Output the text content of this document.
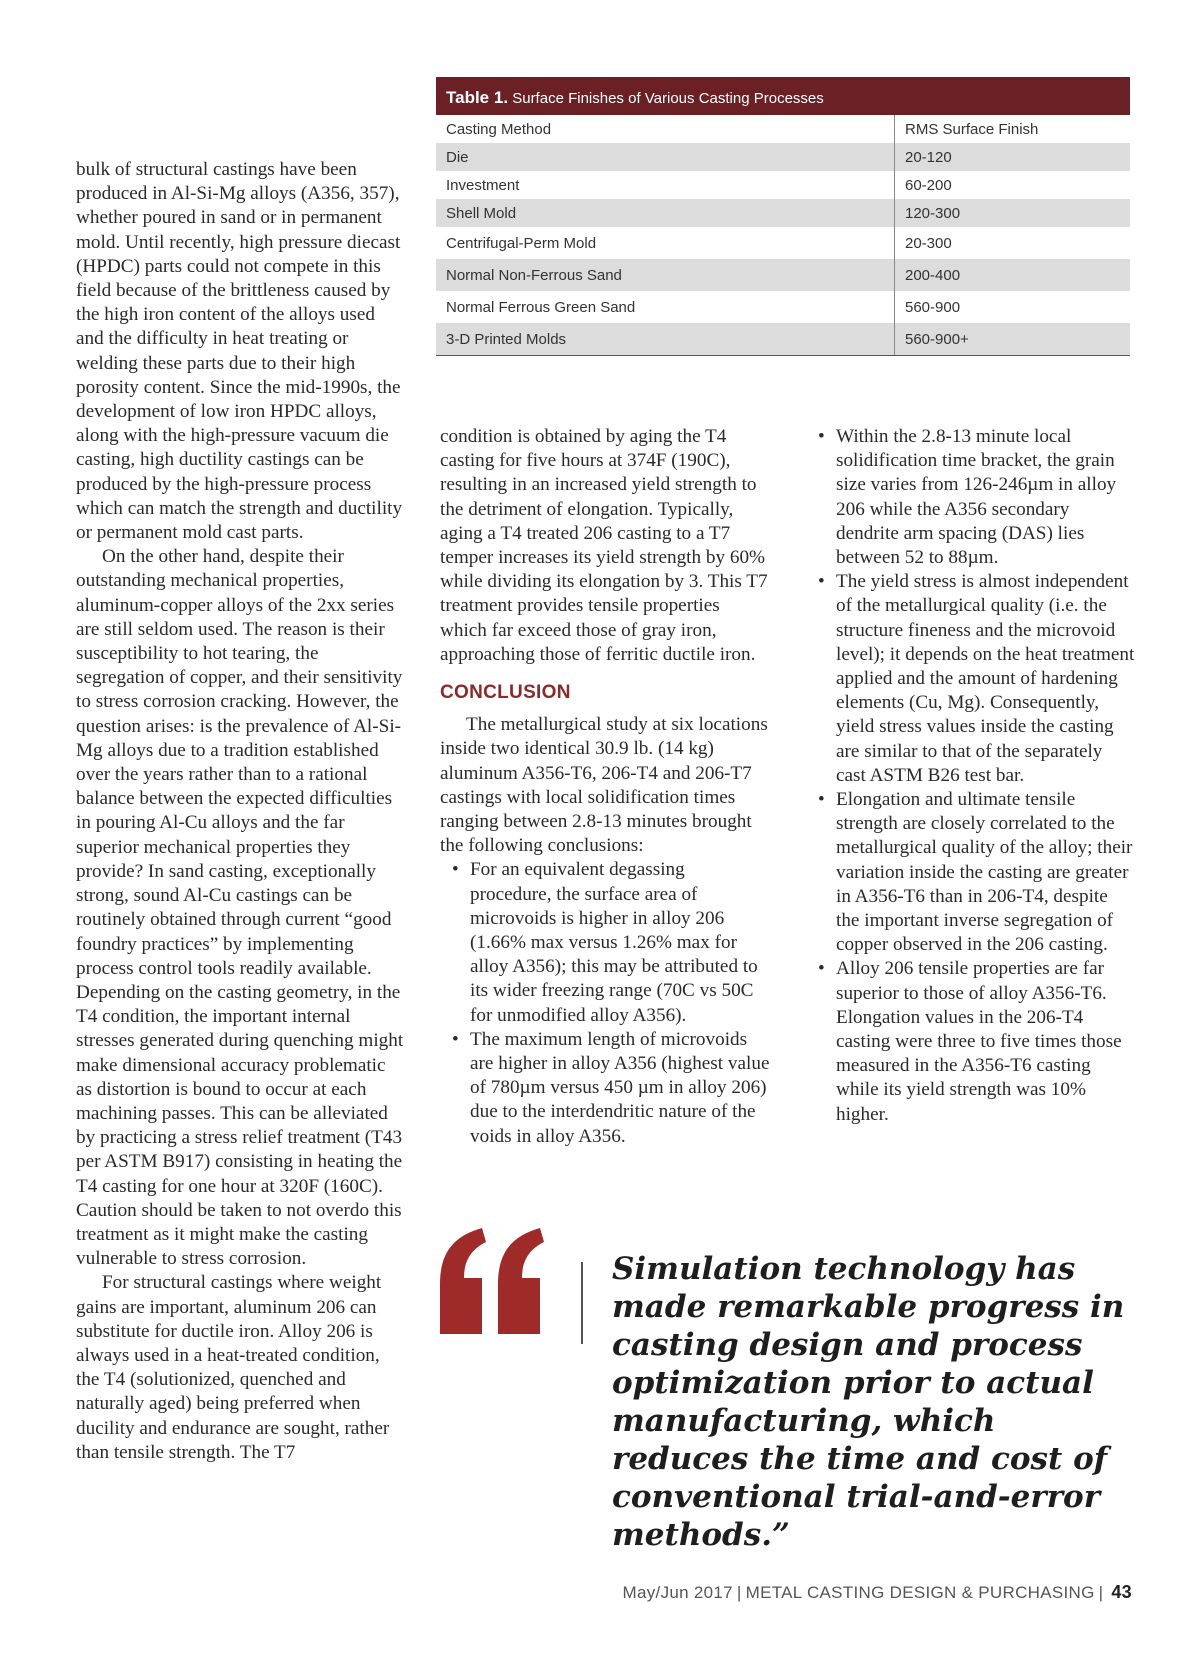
Table 1. Surface Finishes of Various Casting Processes
Casting Method	RMS Surface Finish
Die	20-120
Investment	60-200
Shell Mold	120-300
Centrifugal-Perm Mold	20-300
Normal Non-Ferrous Sand	200-400
Normal Ferrous Green Sand	560-900
3-D Printed Molds	560-900+

bulk of structural castings have been produced in Al-Si-Mg alloys (A356, 357), whether poured in sand or in permanent mold. Until recently, high pressure diecast (HPDC) parts could not compete in this field because of the brittleness caused by the high iron content of the alloys used and the difficulty in heat treating or welding these parts due to their high porosity content. Since the mid-1990s, the development of low iron HPDC alloys, along with the high-pressure vacuum die casting, high ductility castings can be produced by the high-pressure process which can match the strength and ductility or permanent mold cast parts.

On the other hand, despite their outstanding mechanical properties, aluminum-copper alloys of the 2xx series are still seldom used. The reason is their susceptibility to hot tearing, the segregation of copper, and their sensitivity to stress corrosion cracking. However, the question arises: is the prevalence of Al-Si-Mg alloys due to a tradition established over the years rather than to a rational balance between the expected difficulties in pouring Al-Cu alloys and the far superior mechanical properties they provide? In sand casting, exceptionally strong, sound Al-Cu castings can be routinely obtained through current “good foundry practices” by implementing process control tools readily available. Depending on the casting geometry, in the T4 condition, the important internal stresses generated during quenching might make dimensional accuracy problematic as distortion is bound to occur at each machining passes. This can be alleviated by practicing a stress relief treatment (T43 per ASTM B917) consisting in heating the T4 casting for one hour at 320F (160C). Caution should be taken to not overdo this treatment as it might make the casting vulnerable to stress corrosion.

For structural castings where weight gains are important, aluminum 206 can substitute for ductile iron. Alloy 206 is always used in a heat-treated condition, the T4 (solutionized, quenched and naturally aged) being preferred when ducility and endurance are sought, rather than tensile strength. The T7

condition is obtained by aging the T4 casting for five hours at 374F (190C), resulting in an increased yield strength to the detriment of elongation. Typically, aging a T4 treated 206 casting to a T7 temper increases its yield strength by 60% while dividing its elongation by 3. This T7 treatment provides tensile properties which far exceed those of gray iron, approaching those of ferritic ductile iron.

CONCLUSION

The metallurgical study at six locations inside two identical 30.9 lb. (14 kg) aluminum A356-T6, 206-T4 and 206-T7 castings with local solidification times ranging between 2.8-13 minutes brought the following conclusions:

• For an equivalent degassing procedure, the surface area of microvoids is higher in alloy 206 (1.66% max versus 1.26% max for alloy A356); this may be attributed to its wider freezing range (70C vs 50C for unmodified alloy A356).
• The maximum length of microvoids are higher in alloy A356 (highest value of 780µm versus 450 µm in alloy 206) due to the interdendritic nature of the voids in alloy A356.
• Within the 2.8-13 minute local solidification time bracket, the grain size varies from 126-246µm in alloy 206 while the A356 secondary dendrite arm spacing (DAS) lies between 52 to 88µm.
• The yield stress is almost independent of the metallurgical quality (i.e. the structure fineness and the microvoid level); it depends on the heat treatment applied and the amount of hardening elements (Cu, Mg). Consequently, yield stress values inside the casting are similar to that of the separately cast ASTM B26 test bar.
• Elongation and ultimate tensile strength are closely correlated to the metallurgical quality of the alloy; their variation inside the casting are greater in A356-T6 than in 206-T4, despite the important inverse segregation of copper observed in the 206 casting.
• Alloy 206 tensile properties are far superior to those of alloy A356-T6. Elongation values in the 206-T4 casting were three to five times those measured in the A356-T6 casting while its yield strength was 10% higher.
Simulation technology has made remarkable progress in casting design and process optimization prior to actual manufacturing, which reduces the time and cost of conventional trial-and-error methods.”
May/Jun 2017 | METAL CASTING DESIGN & PURCHASING | 43
